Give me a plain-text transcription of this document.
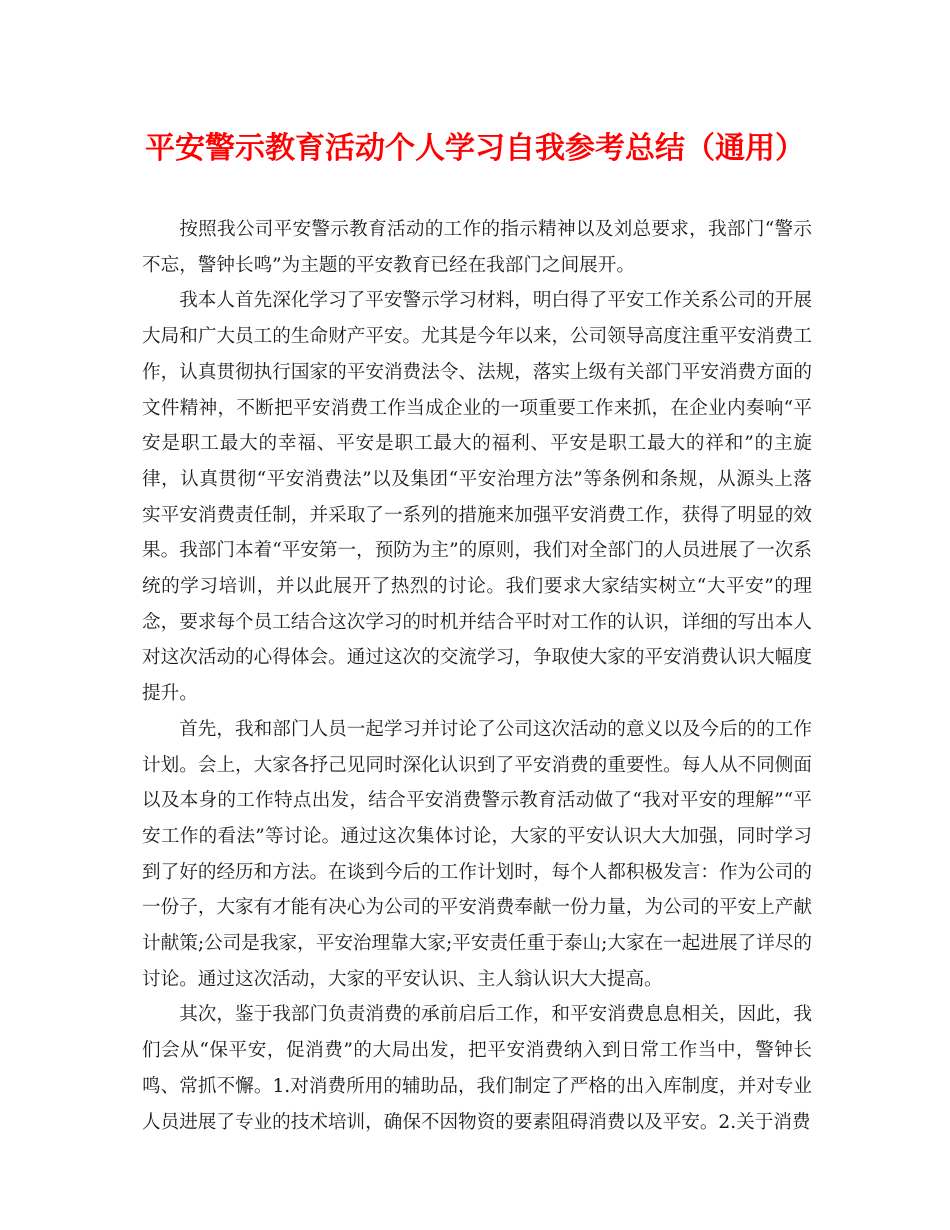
平安警示教育活动个人学习自我参考总结（通用）

按照我公司平安警示教育活动的工作的指示精神以及刘总要求，我部门“警示不忘，警钟长鸣”为主题的平安教育已经在我部门之间展开。

我本人首先深化学习了平安警示学习材料，明白得了平安工作关系公司的开展大局和广大员工的生命财产平安。尤其是今年以来，公司领导高度注重平安消费工作，认真贯彻执行国家的平安消费法令、法规，落实上级有关部门平安消费方面的文件精神，不断把平安消费工作当成企业的一项重要工作来抓，在企业内奏响“平安是职工最大的幸福、平安是职工最大的福利、平安是职工最大的祥和”的主旋律，认真贯彻“平安消费法”以及集团“平安治理方法”等条例和条规，从源头上落实平安消费责任制，并采取了一系列的措施来加强平安消费工作，获得了明显的效果。我部门本着“平安第一，预防为主”的原则，我们对全部门的人员进展了一次系统的学习培训，并以此展开了热烈的讨论。我们要求大家结实树立“大平安”的理念，要求每个员工结合这次学习的时机并结合平时对工作的认识，详细的写出本人对这次活动的心得体会。通过这次的交流学习，争取使大家的平安消费认识大幅度提升。

首先，我和部门人员一起学习并讨论了公司这次活动的意义以及今后的的工作计划。会上，大家各抒己见同时深化认识到了平安消费的重要性。每人从不同侧面以及本身的工作特点出发，结合平安消费警示教育活动做了“我对平安的理解”“平安工作的看法”等讨论。通过这次集体讨论，大家的平安认识大大加强，同时学习到了好的经历和方法。在谈到今后的工作计划时，每个人都积极发言：作为公司的一份子，大家有才能有决心为公司的平安消费奉献一份力量，为公司的平安上产献计献策;公司是我家，平安治理靠大家;平安责任重于泰山;大家在一起进展了详尽的讨论。通过这次活动，大家的平安认识、主人翁认识大大提高。

其次，鉴于我部门负责消费的承前启后工作，和平安消费息息相关，因此，我们会从“保平安，促消费”的大局出发，把平安消费纳入到日常工作当中，警钟长鸣、常抓不懈。1.对消费所用的辅助品，我们制定了严格的出入库制度，并对专业人员进展了专业的技术培训，确保不因物资的要素阻碍消费以及平安。2.关于消费
